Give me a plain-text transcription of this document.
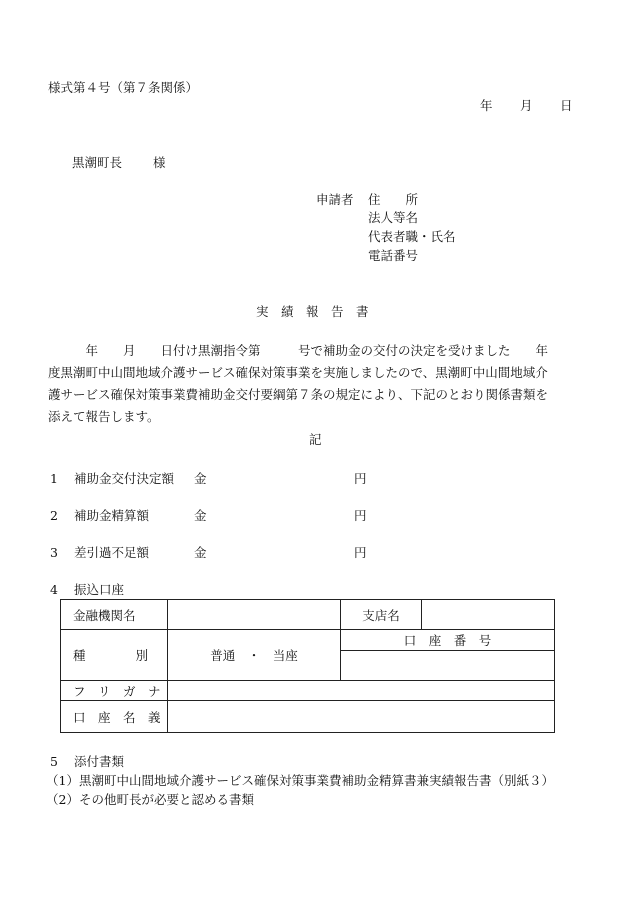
様式第４号（第７条関係）
年 月 日
黒潮町長 様
申請者 住　　所
法人等名
代表者職・氏名
電話番号
実　績　報　告　書
　　　年　　月　　日付け黒潮指令第　　　号で補助金の交付の決定を受けました　　年
度黒潮町中山間地域介護サービス確保対策事業を実施しましたので、黒潮町中山間地域介
護サービス確保対策事業費補助金交付要綱第７条の規定により、下記のとおり関係書類を
添えて報告します。
記
1 補助金交付決定額 金	円
2 補助金精算額	金	円
3 差引過不足額	金	円
4 振込口座
金融機関名		支店名	
種　　　　別	普通　・　当座	口　座　番　号	

フ　リ　ガ　ナ			
口　座　名　義			
5 添付書類
（1）黒潮町中山間地域介護サービス確保対策事業費補助金精算書兼実績報告書（別紙３）
（2）その他町長が必要と認める書類
